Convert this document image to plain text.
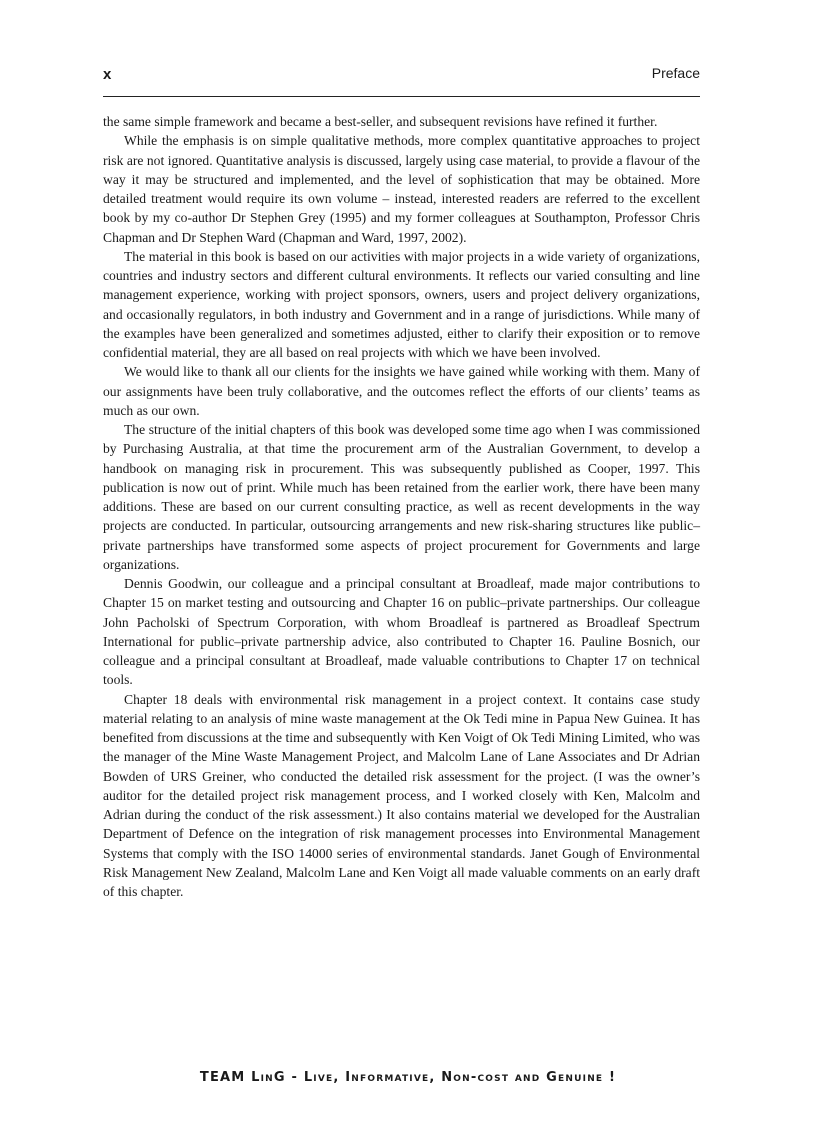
x	Preface

the same simple framework and became a best-seller, and subsequent revisions have refined it further.

While the emphasis is on simple qualitative methods, more complex quantitative approaches to project risk are not ignored. Quantitative analysis is discussed, largely using case material, to provide a flavour of the way it may be structured and implemented, and the level of sophistication that may be obtained. More detailed treatment would require its own volume – instead, interested readers are referred to the excellent book by my co-author Dr Stephen Grey (1995) and my former colleagues at Southampton, Professor Chris Chapman and Dr Stephen Ward (Chapman and Ward, 1997, 2002).

The material in this book is based on our activities with major projects in a wide variety of organizations, countries and industry sectors and different cultural environments. It reflects our varied consulting and line management experience, working with project sponsors, owners, users and project delivery organizations, and occasionally regulators, in both industry and Government and in a range of jurisdictions. While many of the examples have been generalized and sometimes adjusted, either to clarify their exposition or to remove confidential material, they are all based on real projects with which we have been involved.

We would like to thank all our clients for the insights we have gained while working with them. Many of our assignments have been truly collaborative, and the outcomes reflect the efforts of our clients’ teams as much as our own.

The structure of the initial chapters of this book was developed some time ago when I was commissioned by Purchasing Australia, at that time the procurement arm of the Australian Government, to develop a handbook on managing risk in procurement. This was subsequently published as Cooper, 1997. This publication is now out of print. While much has been retained from the earlier work, there have been many additions. These are based on our current consulting practice, as well as recent developments in the way projects are conducted. In particular, outsourcing arrangements and new risk-sharing structures like public–private partnerships have transformed some aspects of project procurement for Governments and large organizations.

Dennis Goodwin, our colleague and a principal consultant at Broadleaf, made major contributions to Chapter 15 on market testing and outsourcing and Chapter 16 on public–private partnerships. Our colleague John Pacholski of Spectrum Corporation, with whom Broadleaf is partnered as Broadleaf Spectrum International for public–private partnership advice, also contributed to Chapter 16. Pauline Bosnich, our colleague and a principal consultant at Broadleaf, made valuable contributions to Chapter 17 on technical tools.

Chapter 18 deals with environmental risk management in a project context. It contains case study material relating to an analysis of mine waste management at the Ok Tedi mine in Papua New Guinea. It has benefited from discussions at the time and subsequently with Ken Voigt of Ok Tedi Mining Limited, who was the manager of the Mine Waste Management Project, and Malcolm Lane of Lane Associates and Dr Adrian Bowden of URS Greiner, who conducted the detailed risk assessment for the project. (I was the owner’s auditor for the detailed project risk management process, and I worked closely with Ken, Malcolm and Adrian during the conduct of the risk assessment.) It also contains material we developed for the Australian Department of Defence on the integration of risk management processes into Environmental Management Systems that comply with the ISO 14000 series of environmental standards. Janet Gough of Environmental Risk Management New Zealand, Malcolm Lane and Ken Voigt all made valuable comments on an early draft of this chapter.

TEAM LinG - Live, Informative, Non-cost and Genuine !
